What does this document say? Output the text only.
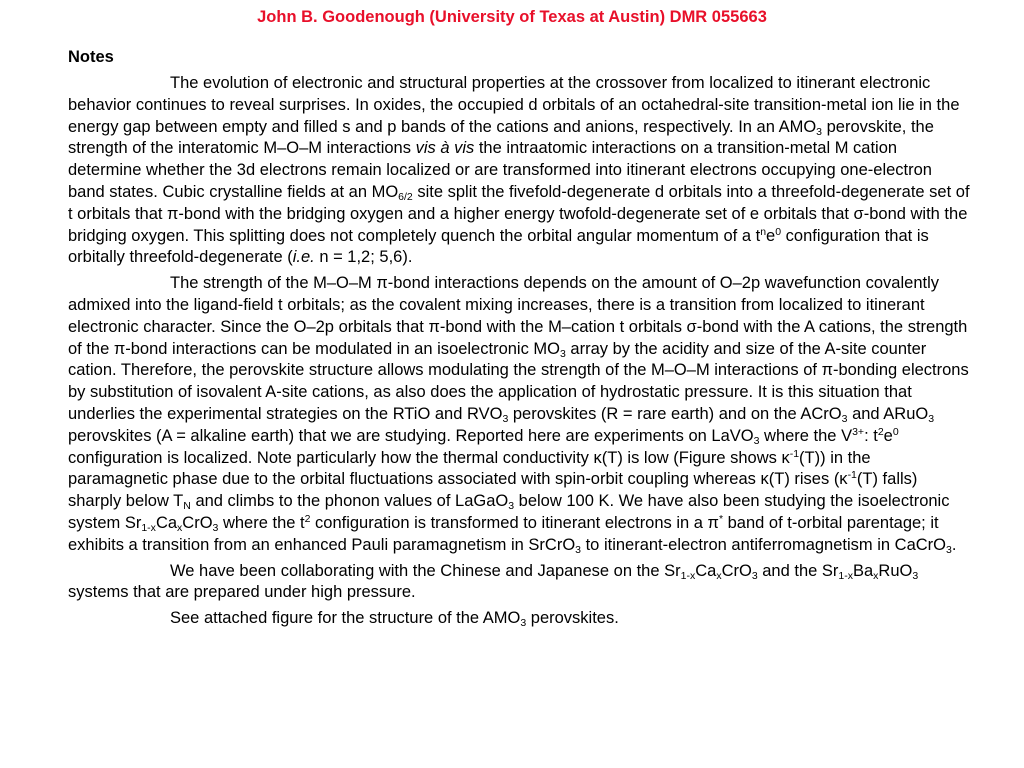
John B. Goodenough (University of Texas at Austin) DMR 055663
Notes

The evolution of electronic and structural properties at the crossover from localized to itinerant electronic behavior continues to reveal surprises. In oxides, the occupied d orbitals of an octahedral-site transition-metal ion lie in the energy gap between empty and filled s and p bands of the cations and anions, respectively. In an $AMO_3$ perovskite, the strength of the interatomic M–O–M interactions vis à vis the intraatomic interactions on a transition-metal M cation determine whether the 3d electrons remain localized or are transformed into itinerant electrons occupying one-electron band states. Cubic crystalline fields at an $MO_{6/2}$ site split the fivefold-degenerate d orbitals into a threefold-degenerate set of t orbitals that π-bond with the bridging oxygen and a higher energy twofold-degenerate set of e orbitals that σ-bond with the bridging oxygen. This splitting does not completely quench the orbital angular momentum of a $t^ne^0$ configuration that is orbitally threefold-degenerate (i.e. n = 1,2; 5,6).

The strength of the M–O–M π-bond interactions depends on the amount of O–2p wavefunction covalently admixed into the ligand-field t orbitals; as the covalent mixing increases, there is a transition from localized to itinerant electronic character. Since the O–2p orbitals that π-bond with the M–cation t orbitals σ-bond with the A cations, the strength of the π-bond interactions can be modulated in an isoelectronic $MO_3$ array by the acidity and size of the A-site counter cation. Therefore, the perovskite structure allows modulating the strength of the M–O–M interactions of π-bonding electrons by substitution of isovalent A-site cations, as also does the application of hydrostatic pressure. It is this situation that underlies the experimental strategies on the RTiO and $RVO_3$ perovskites (R = rare earth) and on the ACrO$_3$ and ARuO$_3$ perovskites (A = alkaline earth) that we are studying. Reported here are experiments on LaVO$_3$ where the $V^{3+}$: $t^2e^0$ configuration is localized. Note particularly how the thermal conductivity κ(T) is low (Figure shows $\kappa^{-1}(T)$) in the paramagnetic phase due to the orbital fluctuations associated with spin-orbit coupling whereas κ(T) rises ($\kappa^{-1}(T)$ falls) sharply below $T_N$ and climbs to the phonon values of LaGaO$_3$ below 100 K. We have also been studying the isoelectronic system $Sr_{1-x}Ca_xCrO_3$ where the $t^2$ configuration is transformed to itinerant electrons in a π* band of t-orbital parentage; it exhibits a transition from an enhanced Pauli paramagnetism in SrCrO$_3$ to itinerant-electron antiferromagnetism in CaCrO$_3$.

We have been collaborating with the Chinese and Japanese on the $Sr_{1-x}Ca_xCrO_3$ and the $Sr_{1-x}Ba_xRuO_3$ systems that are prepared under high pressure.

See attached figure for the structure of the $AMO_3$ perovskites.
